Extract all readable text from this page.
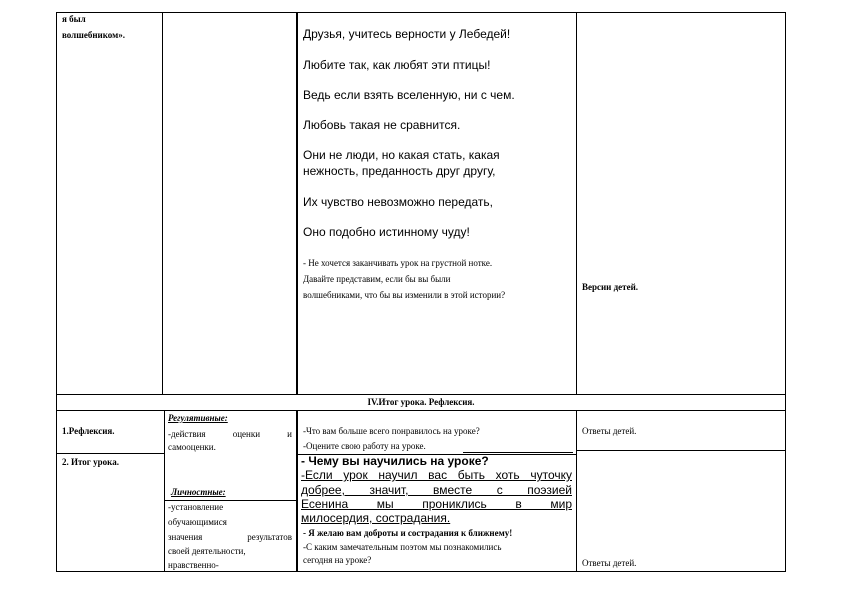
я был
волшебником».	Друзья, учитесь верности у Лебедей!
Любите так, как любят эти птицы!
Ведь если взять вселенную, ни с чем.
Любовь такая не сравнится.
Они не люди, но какая стать, какая
нежность, преданность друг другу,
Их чувство невозможно передать,
Оно подобно истинному чуду!
- Не хочется заканчивать урок на грустной нотке.
Давайте представим, если бы вы были
волшебниками, что бы вы изменили в этой истории?
Версии детей.
IV.Итог урока. Рефлексия.
1.Рефлексия.
Регулятивные:
-действия оценки и
самооценки.
-Что вам больше всего понравилось на уроке?
-Оцените свою работу на уроке.
Ответы детей.
2. Итог урока.
Личностные:
-установление
обучающимися
значения результатов
своей деятельности,
нравственно-
- Чему вы научились на уроке?
-Если урок научил вас быть хоть чуточку
добрее, значит, вместе с поэзией
Есенина мы прониклись в мир
милосердия, сострадания.
- Я желаю вам доброты и сострадания к ближнему!
-С каким замечательным поэтом мы познакомились
сегодня на уроке?	Ответы детей.
